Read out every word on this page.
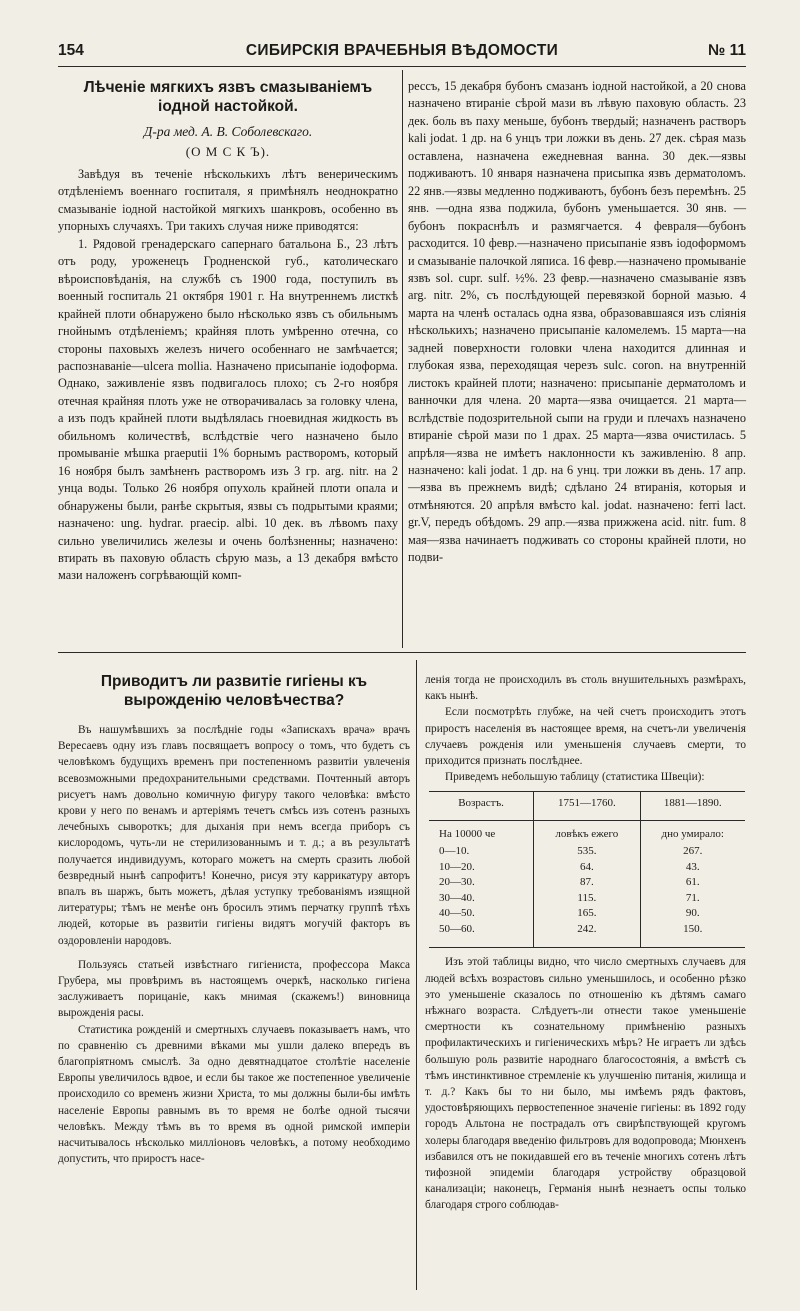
154	СИБИРСКІЯ ВРАЧЕБНЫЯ ВѢДОМОСТИ	№ 11
Лѣченіе мягкихъ язвъ смазываніемъ іодной настойкой.
Д-ра мед. А. В. Соболевскаго.
(О М С К Ъ).

Завѣдуя въ теченіе нѣсколькихъ лѣтъ венерическимъ отдѣленіемъ военнаго госпиталя, я примѣнялъ неоднократно смазываніе іодной настойкой мягкихъ шанкровъ, особенно въ упорныхъ случаяхъ. Три такихъ случая ниже приводятся:

1. Рядовой гренадерскаго сапернаго батальона Б., 23 лѣтъ отъ роду, уроженецъ Гродненской губ., католическаго вѣроисповѣданія, на службѣ съ 1900 года, поступилъ въ военный госпиталь 21 октября 1901 г. На внутреннемъ листкѣ крайней плоти обнаружено было нѣсколько язвъ съ обильнымъ гнойнымъ отдѣленіемъ; крайняя плоть умѣренно отечна, со стороны паховыхъ железъ ничего особеннаго не замѣчается; распознаваніе—ulcera mollia. Назначено присыпаніе іодоформа. Однако, заживленіе язвъ подвигалось плохо; съ 2-го ноября отечная крайняя плоть уже не отворачивалась за головку члена, а изъ подъ крайней плоти выдѣлялась гноевидная жидкость въ обильномъ количествѣ, вслѣдствіе чего назначено было промываніе мѣшка praeputii 1% борнымъ растворомъ, который 16 ноября былъ замѣненъ растворомъ изъ 3 гр. arg. nitr. на 2 унца воды. Только 26 ноября опухоль крайней плоти опала и обнаружены были, ранѣе скрытыя, язвы съ подрытыми краями; назначено: ung. hydrar. praecip. albi. 10 дек. въ лѣвомъ паху сильно увеличились железы и очень болѣзненны; назначено: втирать въ паховую область сѣрую мазь, а 13 декабря вмѣсто мази наложенъ согрѣвающій комп-

рессъ, 15 декабря бубонъ смазанъ іодной настойкой, а 20 снова назначено втираніе сѣрой мази въ лѣвую паховую область. 23 дек. боль въ паху меньше, бубонъ твердый; назначенъ растворъ kali jodat. 1 др. на 6 унцъ три ложки въ день. 27 дек. сѣрая мазь оставлена, назначена ежедневная ванна. 30 дек.—язвы подживаютъ. 10 января назначена присыпка язвъ дерматоломъ. 22 янв.—язвы медленно подживаютъ, бубонъ безъ перемѣнъ. 25 янв. —одна язва поджила, бубонъ уменьшается. 30 янв. —бубонъ покраснѣлъ и размягчается. 4 февраля—бубонъ расходится. 10 февр.—назначено присыпаніе язвъ іодоформомъ и смазываніе палочкой ляписа. 16 февр.—назначено промываніе язвъ sol. cupr. sulf. ½%. 23 февр.—назначено смазываніе язвъ arg. nitr. 2%, съ послѣдующей перевязкой борной мазью. 4 марта на членѣ осталась одна язва, образовавшаяся изъ сліянія нѣсколькихъ; назначено присыпаніе каломелемъ. 15 марта—на задней поверхности головки члена находится длинная и глубокая язва, переходящая черезъ sulc. coron. на внутренній листокъ крайней плоти; назначено: присыпаніе дерматоломъ и ванночки для члена. 20 марта—язва очищается. 21 марта—вслѣдствіе подозрительной сыпи на груди и плечахъ назначено втираніе сѣрой мази по 1 драх. 25 марта—язва очистилась. 5 апрѣля—язва не имѣетъ наклонности къ заживленію. 8 апр. назначено: kali jodat. 1 др. на 6 унц. три ложки въ день. 17 апр.—язва въ прежнемъ видѣ; сдѣлано 24 втиранія, которыя и отмѣняются. 20 апрѣля вмѣсто kal. jodat. назначено: ferri lact. gr.V, передъ обѣдомъ. 29 апр.—язва прижжена acid. nitr. fum. 8 мая—язва начинаетъ подживать со стороны крайней плоти, но подви-

Приводитъ ли развитіе гигіены къ вырожденію человѣчества?

Въ нашумѣвшихъ за послѣдніе годы «Запискахъ врача» врачъ Вересаевъ одну изъ главъ посвящаетъ вопросу о томъ, что будетъ съ человѣкомъ будущихъ временъ при постепенномъ развитіи увлеченія всевозможными предохранительными средствами. Почтенный авторъ рисуетъ намъ довольно комичную фигуру такого человѣка: вмѣсто крови у него по венамъ и артеріямъ течетъ смѣсь изъ сотенъ разныхъ лечебныхъ сывороткъ; для дыханія при немъ всегда приборъ съ кислородомъ, чуть-ли не стерилизованнымъ и т. д.; а въ результатѣ получается индивидуумъ, котораго можетъ на смерть сразить любой безвредный нынѣ сапрофитъ! Конечно, рисуя эту каррикатуру авторъ впалъ въ шаржъ, быть можетъ, дѣлая уступку требованіямъ изящной литературы; тѣмъ не менѣе онъ бросилъ этимъ перчатку группѣ тѣхъ людей, которые въ развитіи гигіены видятъ могучій факторъ въ оздоровленіи народовъ.

Пользуясь статьей извѣстнаго гигіениста, профессора Макса Грубера, мы провѣримъ въ настоящемъ очеркѣ, насколько гигіена заслуживаетъ порицаніе, какъ мнимая (скажемъ!) виновница вырожденія расы.

Статистика рожденій и смертныхъ случаевъ показываетъ намъ, что по сравненію съ древними вѣками мы ушли далеко впередъ въ благопріятномъ смыслѣ. За одно девятнадцатое столѣтіе населеніе Европы увеличилось вдвое, и если бы такое же постепенное увеличеніе происходило со временъ жизни Христа, то мы должны были-бы имѣть населеніе Европы равнымъ въ то время не болѣе одной тысячи человѣкъ. Между тѣмъ въ то время въ одной римской имперіи насчитывалось нѣсколько милліоновъ человѣкъ, а потому необходимо допустить, что приростъ насе-

ленія тогда не происходилъ въ столь внушительныхъ размѣрахъ, какъ нынѣ.

Если посмотрѣть глубже, на чей счетъ происходитъ этотъ приростъ населенія въ настоящее время, на счетъ-ли увеличенія случаевъ рожденія или уменьшенія случаевъ смерти, то приходится признать послѣднее.

Приведемъ небольшую таблицу (статистика Швеціи):

Возрастъ.	1751—1760.	1881—1890.
На 10000 че	ловѣкъ ежего	дно умирало:
0—10.	535.	267.
10—20.	64.	43.
20—30.	87.	61.
30—40.	115.	71.
40—50.	165.	90.
50—60.	242.	150.

Изъ этой таблицы видно, что число смертныхъ случаевъ для людей всѣхъ возрастовъ сильно уменьшилось, и особенно рѣзко это уменьшеніе сказалось по отношенію къ дѣтямъ самаго нѣжнаго возраста. Слѣдуетъ-ли отнести такое уменьшеніе смертности къ сознательному примѣненію разныхъ профилактическихъ и гигіеническихъ мѣръ? Не играетъ ли здѣсь большую роль развитіе народнаго благосостоянія, а вмѣстѣ съ тѣмъ инстинктивное стремленіе къ улучшенію питанія, жилища и т. д.? Какъ бы то ни было, мы имѣемъ рядъ фактовъ, удостовѣряющихъ первостепенное значеніе гигіены: въ 1892 году городъ Альтона не пострадалъ отъ свирѣпствующей кругомъ холеры благодаря введенію фильтровъ для водопровода; Мюнхенъ избавился отъ не покидавшей его въ теченіе многихъ сотенъ лѣтъ тифозной эпидеміи благодаря устройству образцовой канализаціи; наконецъ, Германія нынѣ незнаетъ оспы только благодаря строго соблюдав-
